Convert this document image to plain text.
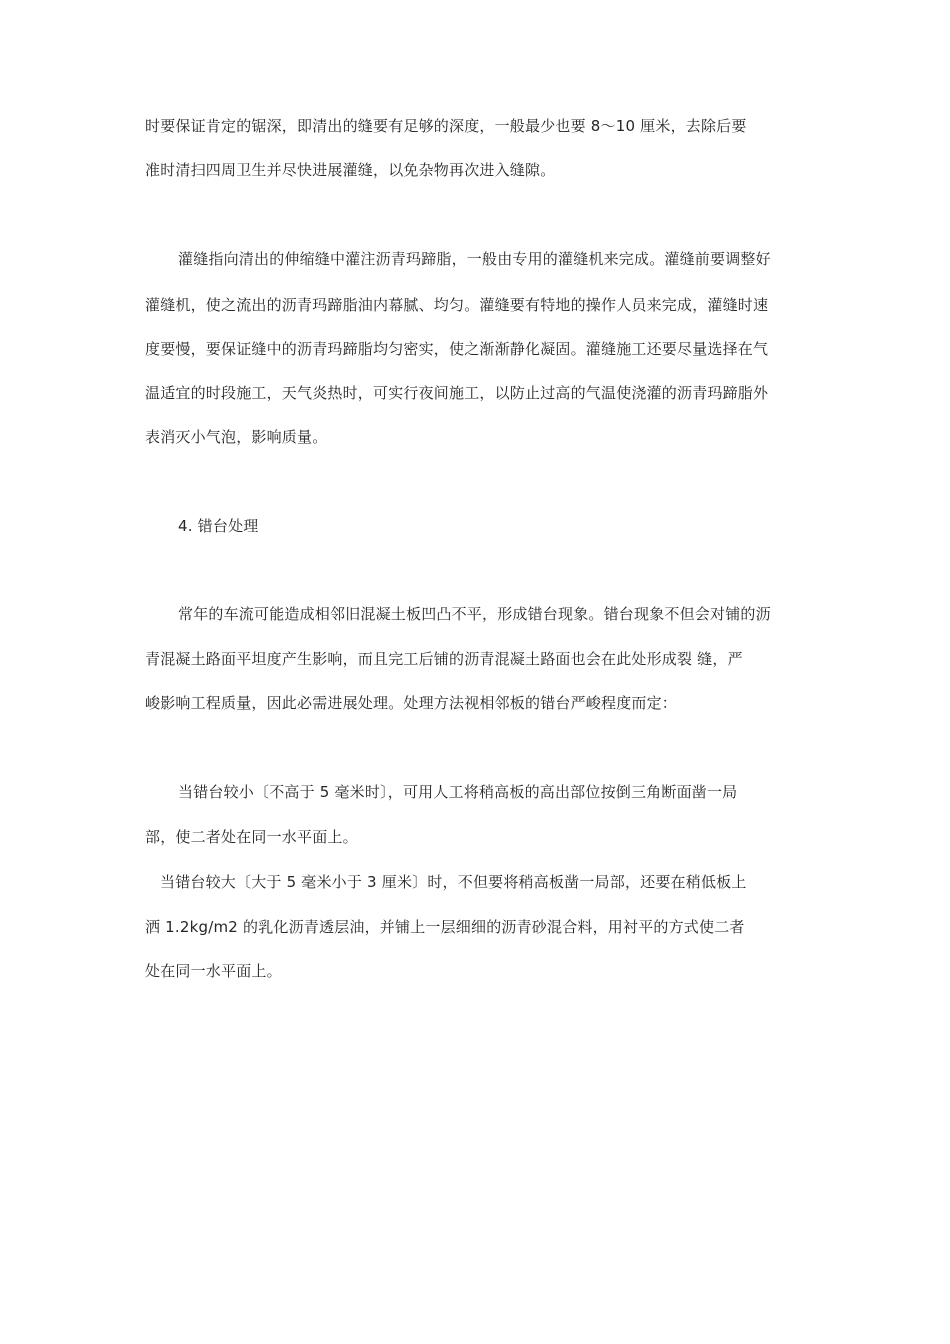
时要保证肯定的锯深，即清出的缝要有足够的深度，一般最少也要 8～10 厘米，去除后要
准时清扫四周卫生并尽快进展灌缝，以免杂物再次进入缝隙。
灌缝指向清出的伸缩缝中灌注沥青玛蹄脂，一般由专用的灌缝机来完成。灌缝前要调整好
灌缝机，使之流出的沥青玛蹄脂油内幕腻、均匀。灌缝要有特地的操作人员来完成，灌缝时速
度要慢，要保证缝中的沥青玛蹄脂均匀密实，使之渐渐静化凝固。灌缝施工还要尽量选择在气
温适宜的时段施工，天气炎热时，可实行夜间施工，以防止过高的气温使浇灌的沥青玛蹄脂外
表消灭小气泡，影响质量。
4. 错台处理
常年的车流可能造成相邻旧混凝土板凹凸不平，形成错台现象。错台现象不但会对铺的沥
青混凝土路面平坦度产生影响，而且完工后铺的沥青混凝土路面也会在此处形成裂 缝，严
峻影响工程质量，因此必需进展处理。处理方法视相邻板的错台严峻程度而定：
当错台较小〔不高于 5 毫米时〕，可用人工将稍高板的高出部位按倒三角断面凿一局
部，使二者处在同一水平面上。
当错台较大〔大于 5 毫米小于 3 厘米〕时，不但要将稍高板凿一局部，还要在稍低板上
洒 1.2kg/m2 的乳化沥青透层油，并铺上一层细细的沥青砂混合料，用衬平的方式使二者
处在同一水平面上。
